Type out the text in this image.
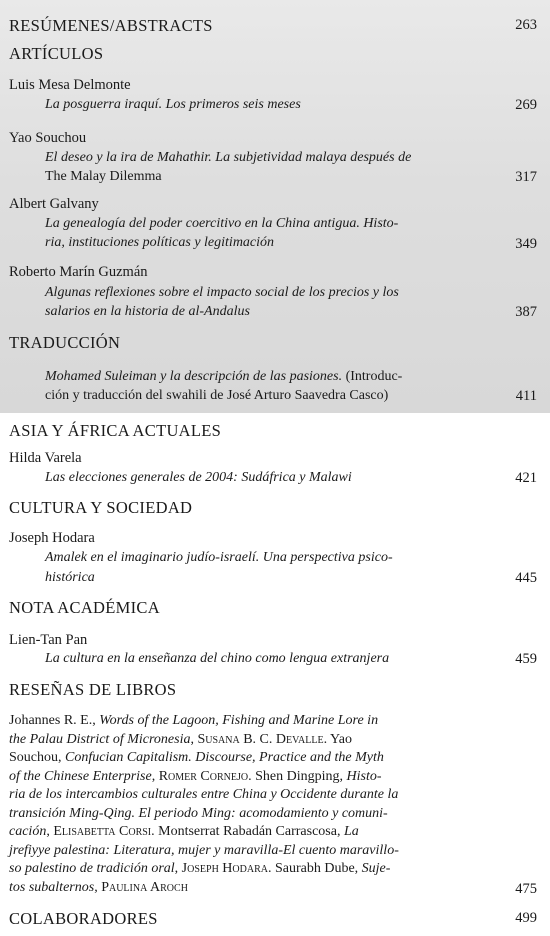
RESÚMENES/ABSTRACTS	263
ARTÍCULOS
Luis Mesa Delmonte
La posguerra iraquí. Los primeros seis meses	269
Yao Souchou
El deseo y la ira de Mahathir. La subjetividad malaya después de
The Malay Dilemma	317
Albert Galvany
La genealogía del poder coercitivo en la China antigua. Histo-
ria, instituciones políticas y legitimación	349
Roberto Marín Guzmán
Algunas reflexiones sobre el impacto social de los precios y los
salarios en la historia de al-Andalus	387
TRADUCCIÓN
Mohamed Suleiman y la descripción de las pasiones. (Introduc-
ción y traducción del swahili de José Arturo Saavedra Casco)	411
ASIA Y ÁFRICA ACTUALES
Hilda Varela
Las elecciones generales de 2004: Sudáfrica y Malawi	421
CULTURA Y SOCIEDAD
Joseph Hodara
Amalek en el imaginario judío-israelí. Una perspectiva psico-
histórica	445
NOTA ACADÉMICA
Lien-Tan Pan
La cultura en la enseñanza del chino como lengua extranjera	459
RESEÑAS DE LIBROS
Johannes R. E., Words of the Lagoon, Fishing and Marine Lore in
the Palau District of Micronesia, Susana B. C. Devalle. Yao
Souchou, Confucian Capitalism. Discourse, Practice and the Myth
of the Chinese Enterprise, Romer Cornejo. Shen Dingping, Histo-
ria de los intercambios culturales entre China y Occidente durante la
transición Ming-Qing. El periodo Ming: acomodamiento y comuni-
cación, Elisabetta Corsi. Montserrat Rabadán Carrascosa, La
jrefiyye palestina: Literatura, mujer y maravilla-El cuento maravillo-
so palestino de tradición oral, Joseph Hodara. Saurabh Dube, Suje-
tos subalternos, Paulina Aroch	475
COLABORADORES	499
